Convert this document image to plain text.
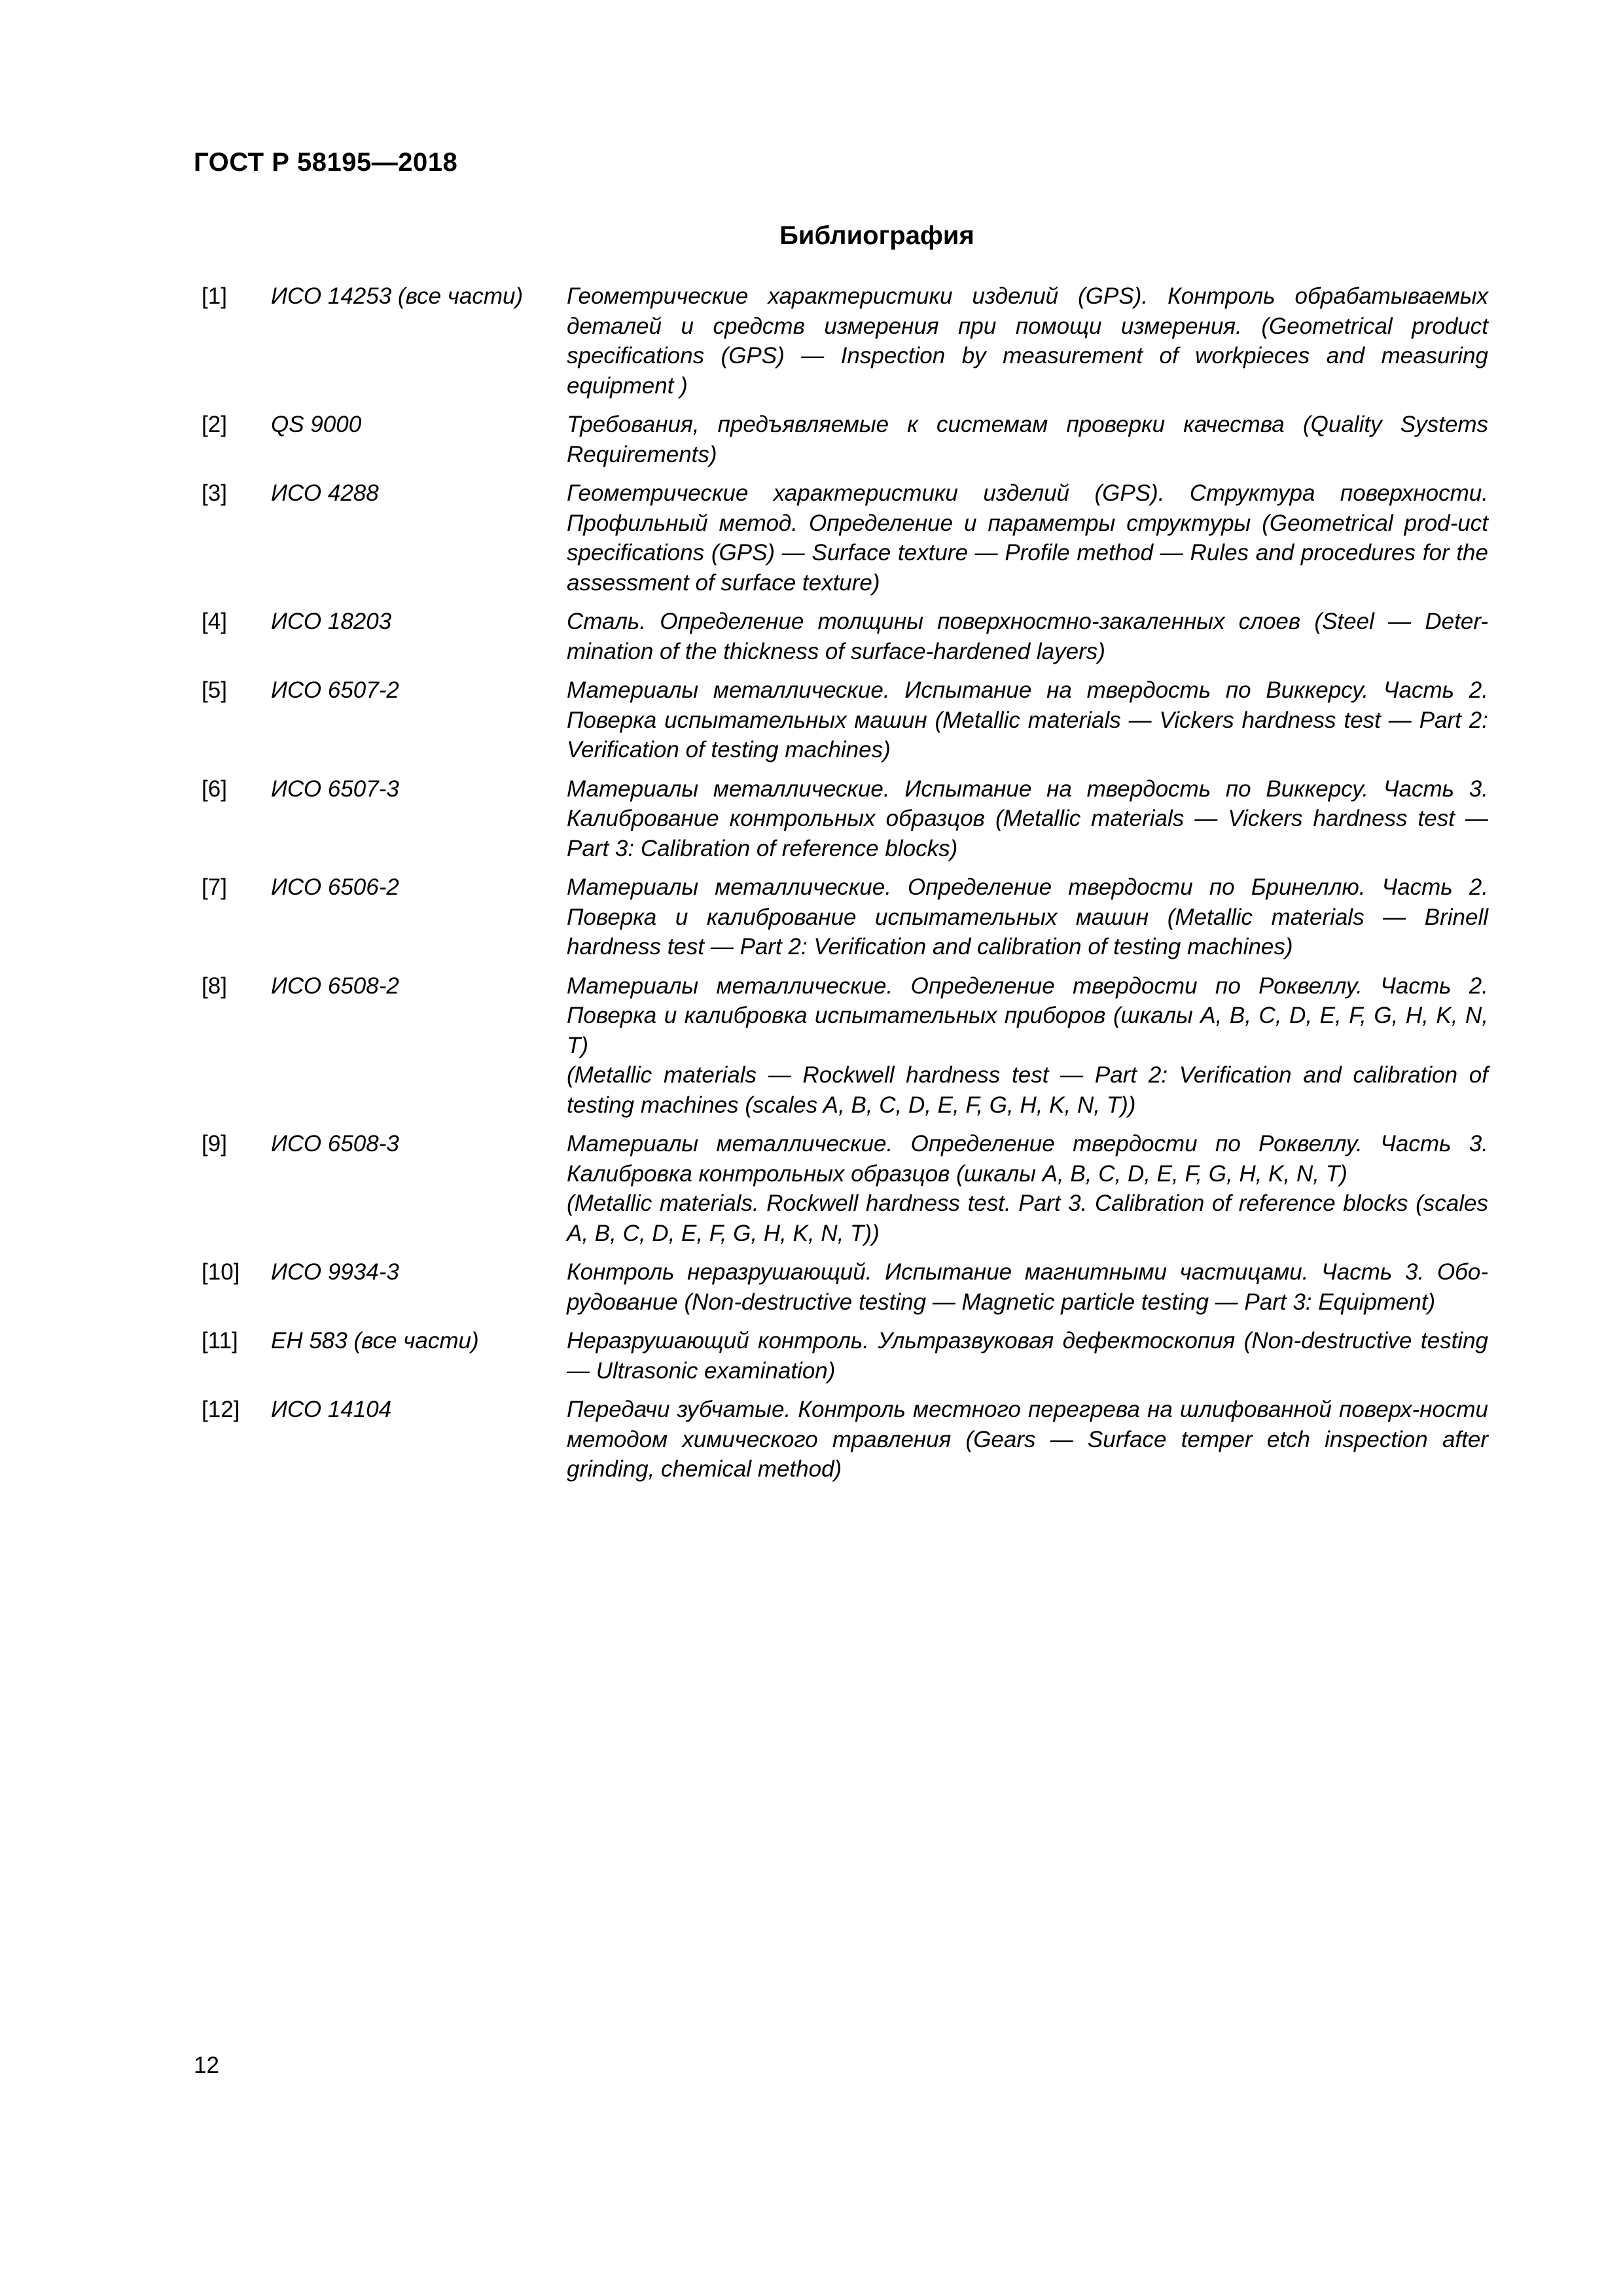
ГОСТ Р 58195—2018
Библиография
[1]	ИСО 14253 (все части)	Геометрические характеристики изделий (GPS). Контроль обрабатываемых деталей и средств измерения при помощи измерения. (Geometrical product specifications (GPS) — Inspection by measurement of workpieces and measuring equipment )
[2]	QS 9000	Требования, предъявляемые к системам проверки качества (Quality Systems Requirements)
[3]	ИСО 4288	Геометрические характеристики изделий (GPS). Структура поверхности. Профильный метод. Определение и параметры структуры (Geometrical prod-uct specifications (GPS) — Surface texture — Profile method — Rules and procedures for the assessment of surface texture)
[4]	ИСО 18203	Сталь. Определение толщины поверхностно-закаленных слоев (Steel — Deter-mination of the thickness of surface-hardened layers)
[5]	ИСО 6507-2	Материалы металлические. Испытание на твердость по Виккерсу. Часть 2. Поверка испытательных машин (Metallic materials — Vickers hardness test — Part 2: Verification of testing machines)
[6]	ИСО 6507-3	Материалы металлические. Испытание на твердость по Виккерсу. Часть 3. Калибрование контрольных образцов (Metallic materials — Vickers hardness test — Part 3: Calibration of reference blocks)
[7]	ИСО 6506-2	Материалы металлические. Определение твердости по Бринеллю. Часть 2. Поверка и калибрование испытательных машин (Metallic materials — Brinell hardness test — Part 2: Verification and calibration of testing machines)
[8]	ИСО 6508-2	Материалы металлические. Определение твердости по Роквеллу. Часть 2. Поверка и калибровка испытательных приборов (шкалы A, B, C, D, E, F, G, H, K, N, T)
(Metallic materials — Rockwell hardness test — Part 2: Verification and calibration of testing machines (scales A, B, C, D, E, F, G, H, K, N, T))
[9]	ИСО 6508-3	Материалы металлические. Определение твердости по Роквеллу. Часть 3. Калибровка контрольных образцов (шкалы A, B, C, D, E, F, G, H, K, N, T)
(Metallic materials. Rockwell hardness test. Part 3. Calibration of reference blocks (scales A, B, C, D, E, F, G, H, K, N, T))
[10]	ИСО 9934-3	Контроль неразрушающий. Испытание магнитными частицами. Часть 3. Обо-рудование (Non-destructive testing — Magnetic particle testing — Part 3: Equipment)
[11]	ЕН 583 (все части)	Неразрушающий контроль. Ультразвуковая дефектоскопия (Non-destructive testing — Ultrasonic examination)
[12]	ИСО 14104	Передачи зубчатые. Контроль местного перегрева на шлифованной поверх-ности методом химического травления (Gears — Surface temper etch inspection after grinding, chemical method)
12
